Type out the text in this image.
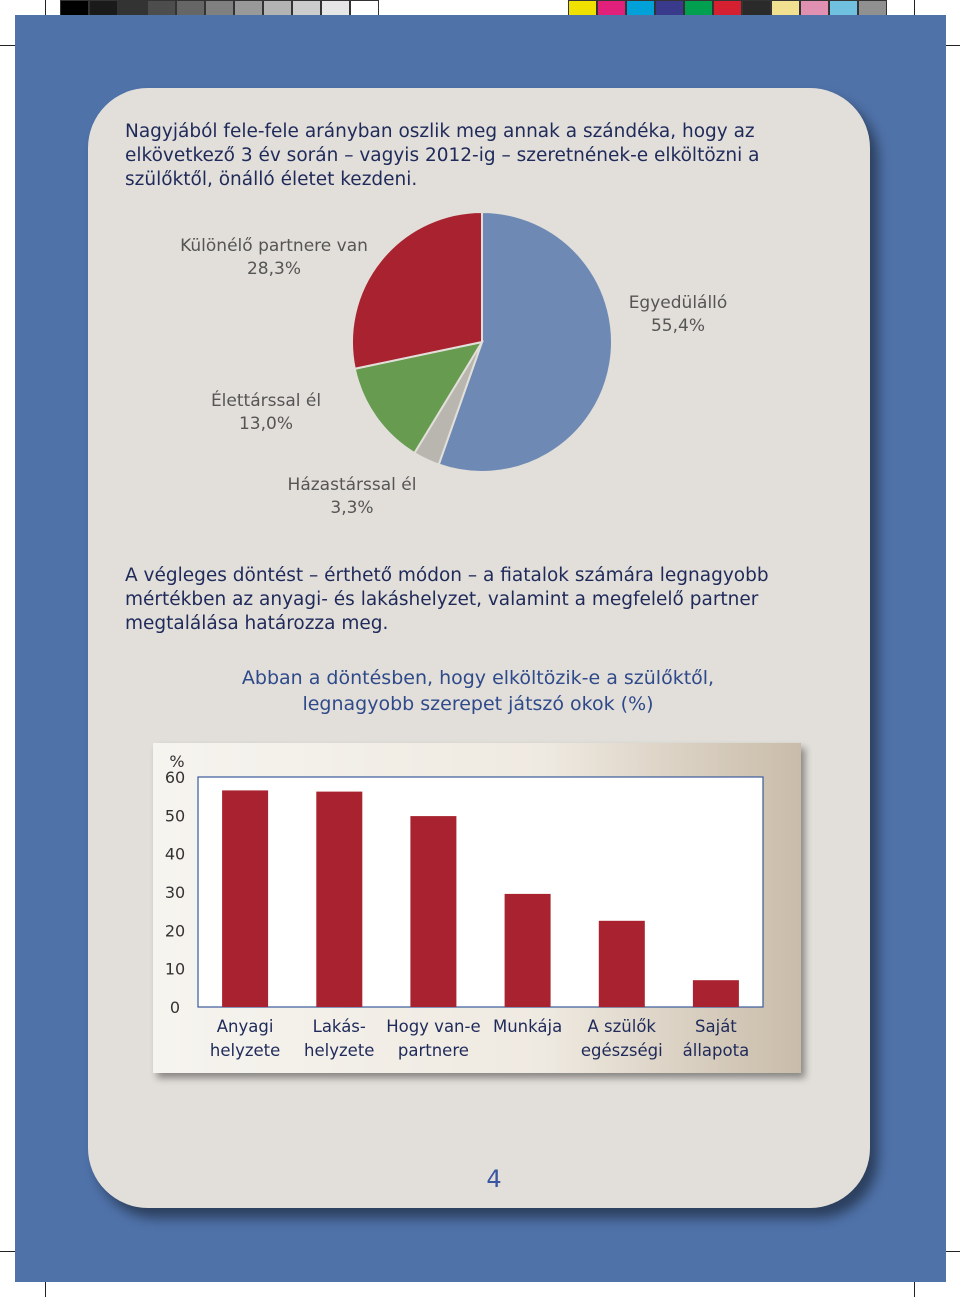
Nagyjából fele-fele arányban oszlik meg annak a szándéka, hogy az elkövetkező 3 év során – vagyis 2012-ig – szeretnének-e elköltözni a szülőktől, önálló életet kezdeni.

Különélő partnere van
28,3%
Egyedülálló
55,4%
Élettárssal él
13,0%
Házastárssal él
3,3%

A végleges döntést – érthető módon – a fiatalok számára legnagyobb mértékben az anyagi- és lakáshelyzet, valamint a megfelelő partner megtalálása határozza meg.

Abban a döntésben, hogy elköltözik-e a szülőktől,
legnagyobb szerepet játszó okok (%)
%
0
10
20
30
40
50
60
Anyagi
helyzete
Lakás-
helyzete
Hogy van-e
partnere
Munkája A szülők
egészségi
Saját
állapota
4
